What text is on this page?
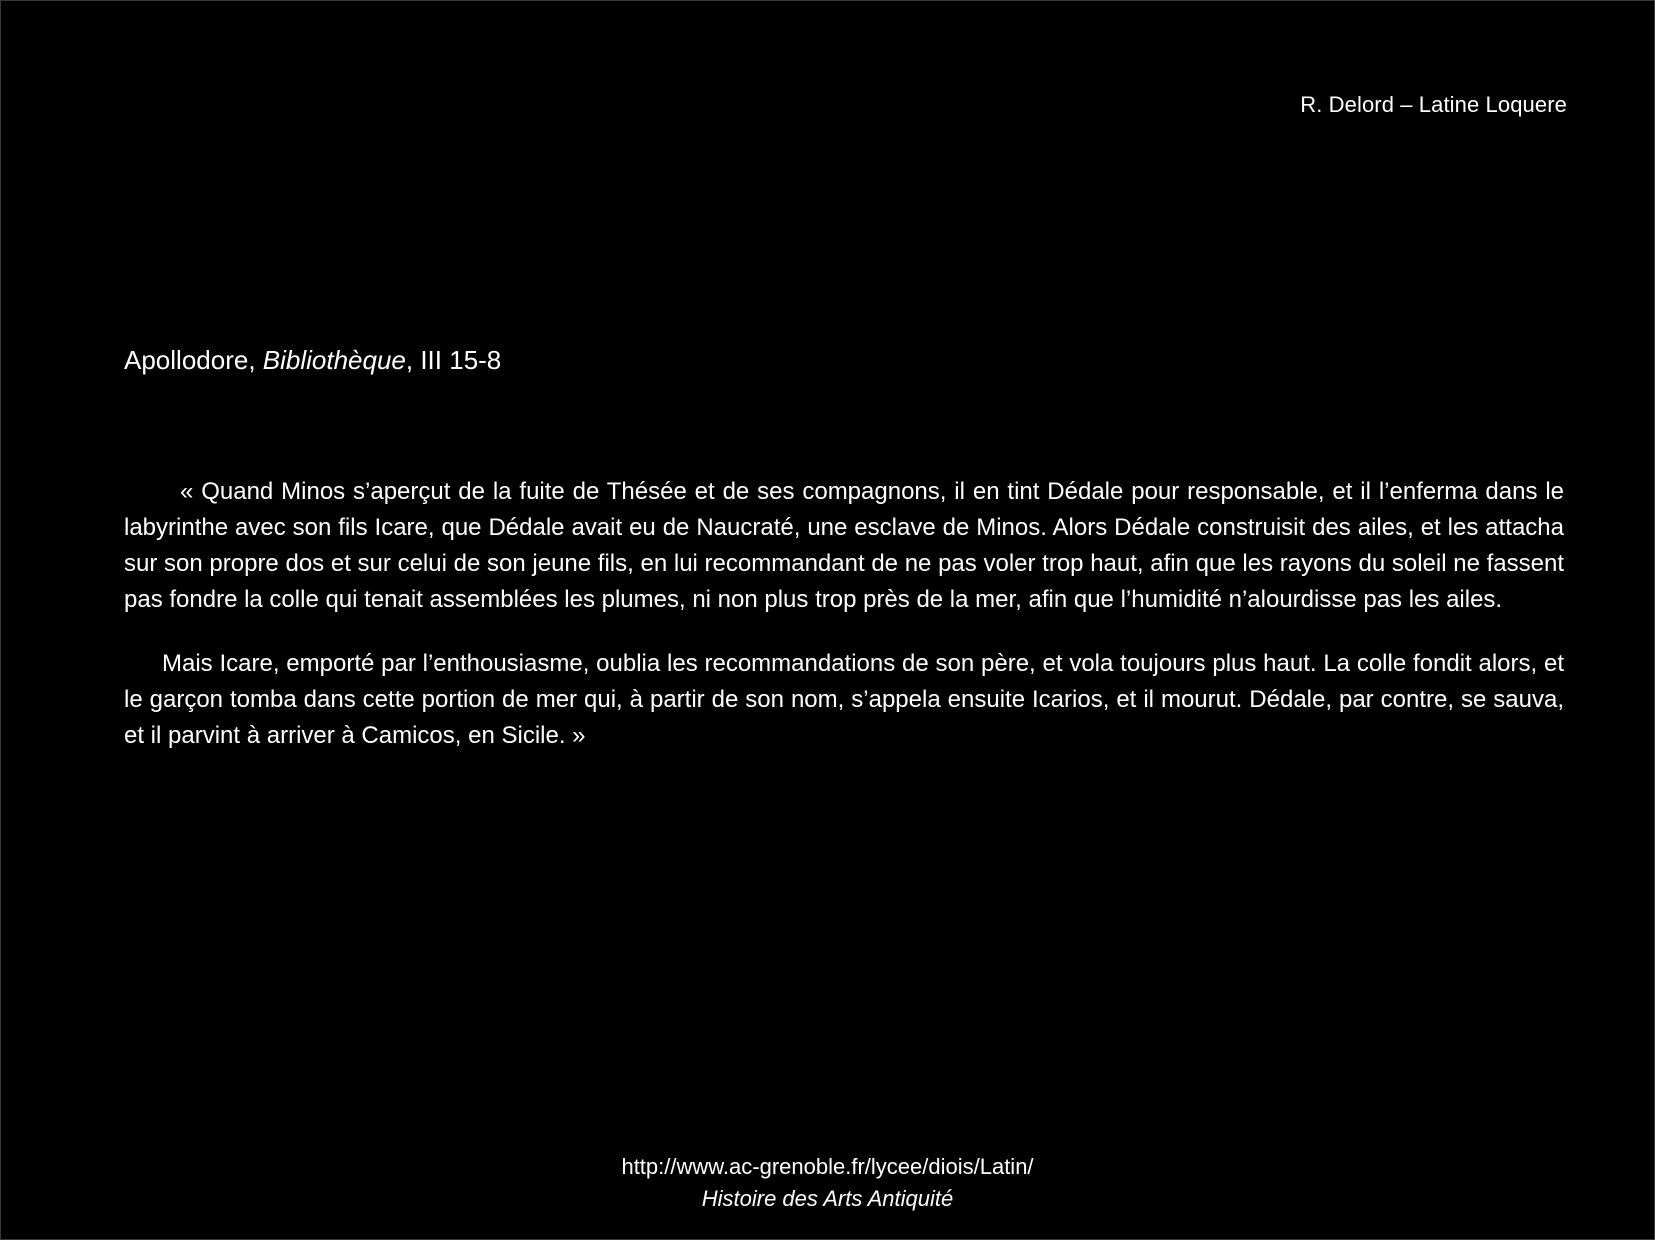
R. Delord – Latine Loquere
Apollodore, Bibliothèque, III 15-8

« Quand Minos s’aperçut de la fuite de Thésée et de ses compagnons, il en tint Dédale pour responsable, et il l’enferma dans le labyrinthe avec son fils Icare, que Dédale avait eu de Naucraté, une esclave de Minos. Alors Dédale construisit des ailes, et les attacha sur son propre dos et sur celui de son jeune fils, en lui recommandant de ne pas voler trop haut, afin que les rayons du soleil ne fassent pas fondre la colle qui tenait assemblées les plumes, ni non plus trop près de la mer, afin que l’humidité n’alourdisse pas les ailes.

Mais Icare, emporté par l’enthousiasme, oublia les recommandations de son père, et vola toujours plus haut. La colle fondit alors, et le garçon tomba dans cette portion de mer qui, à partir de son nom, s’appela ensuite Icarios, et il mourut. Dédale, par contre, se sauva, et il parvint à arriver à Camicos, en Sicile. »

http://www.ac-grenoble.fr/lycee/diois/Latin/
Histoire des Arts Antiquité
